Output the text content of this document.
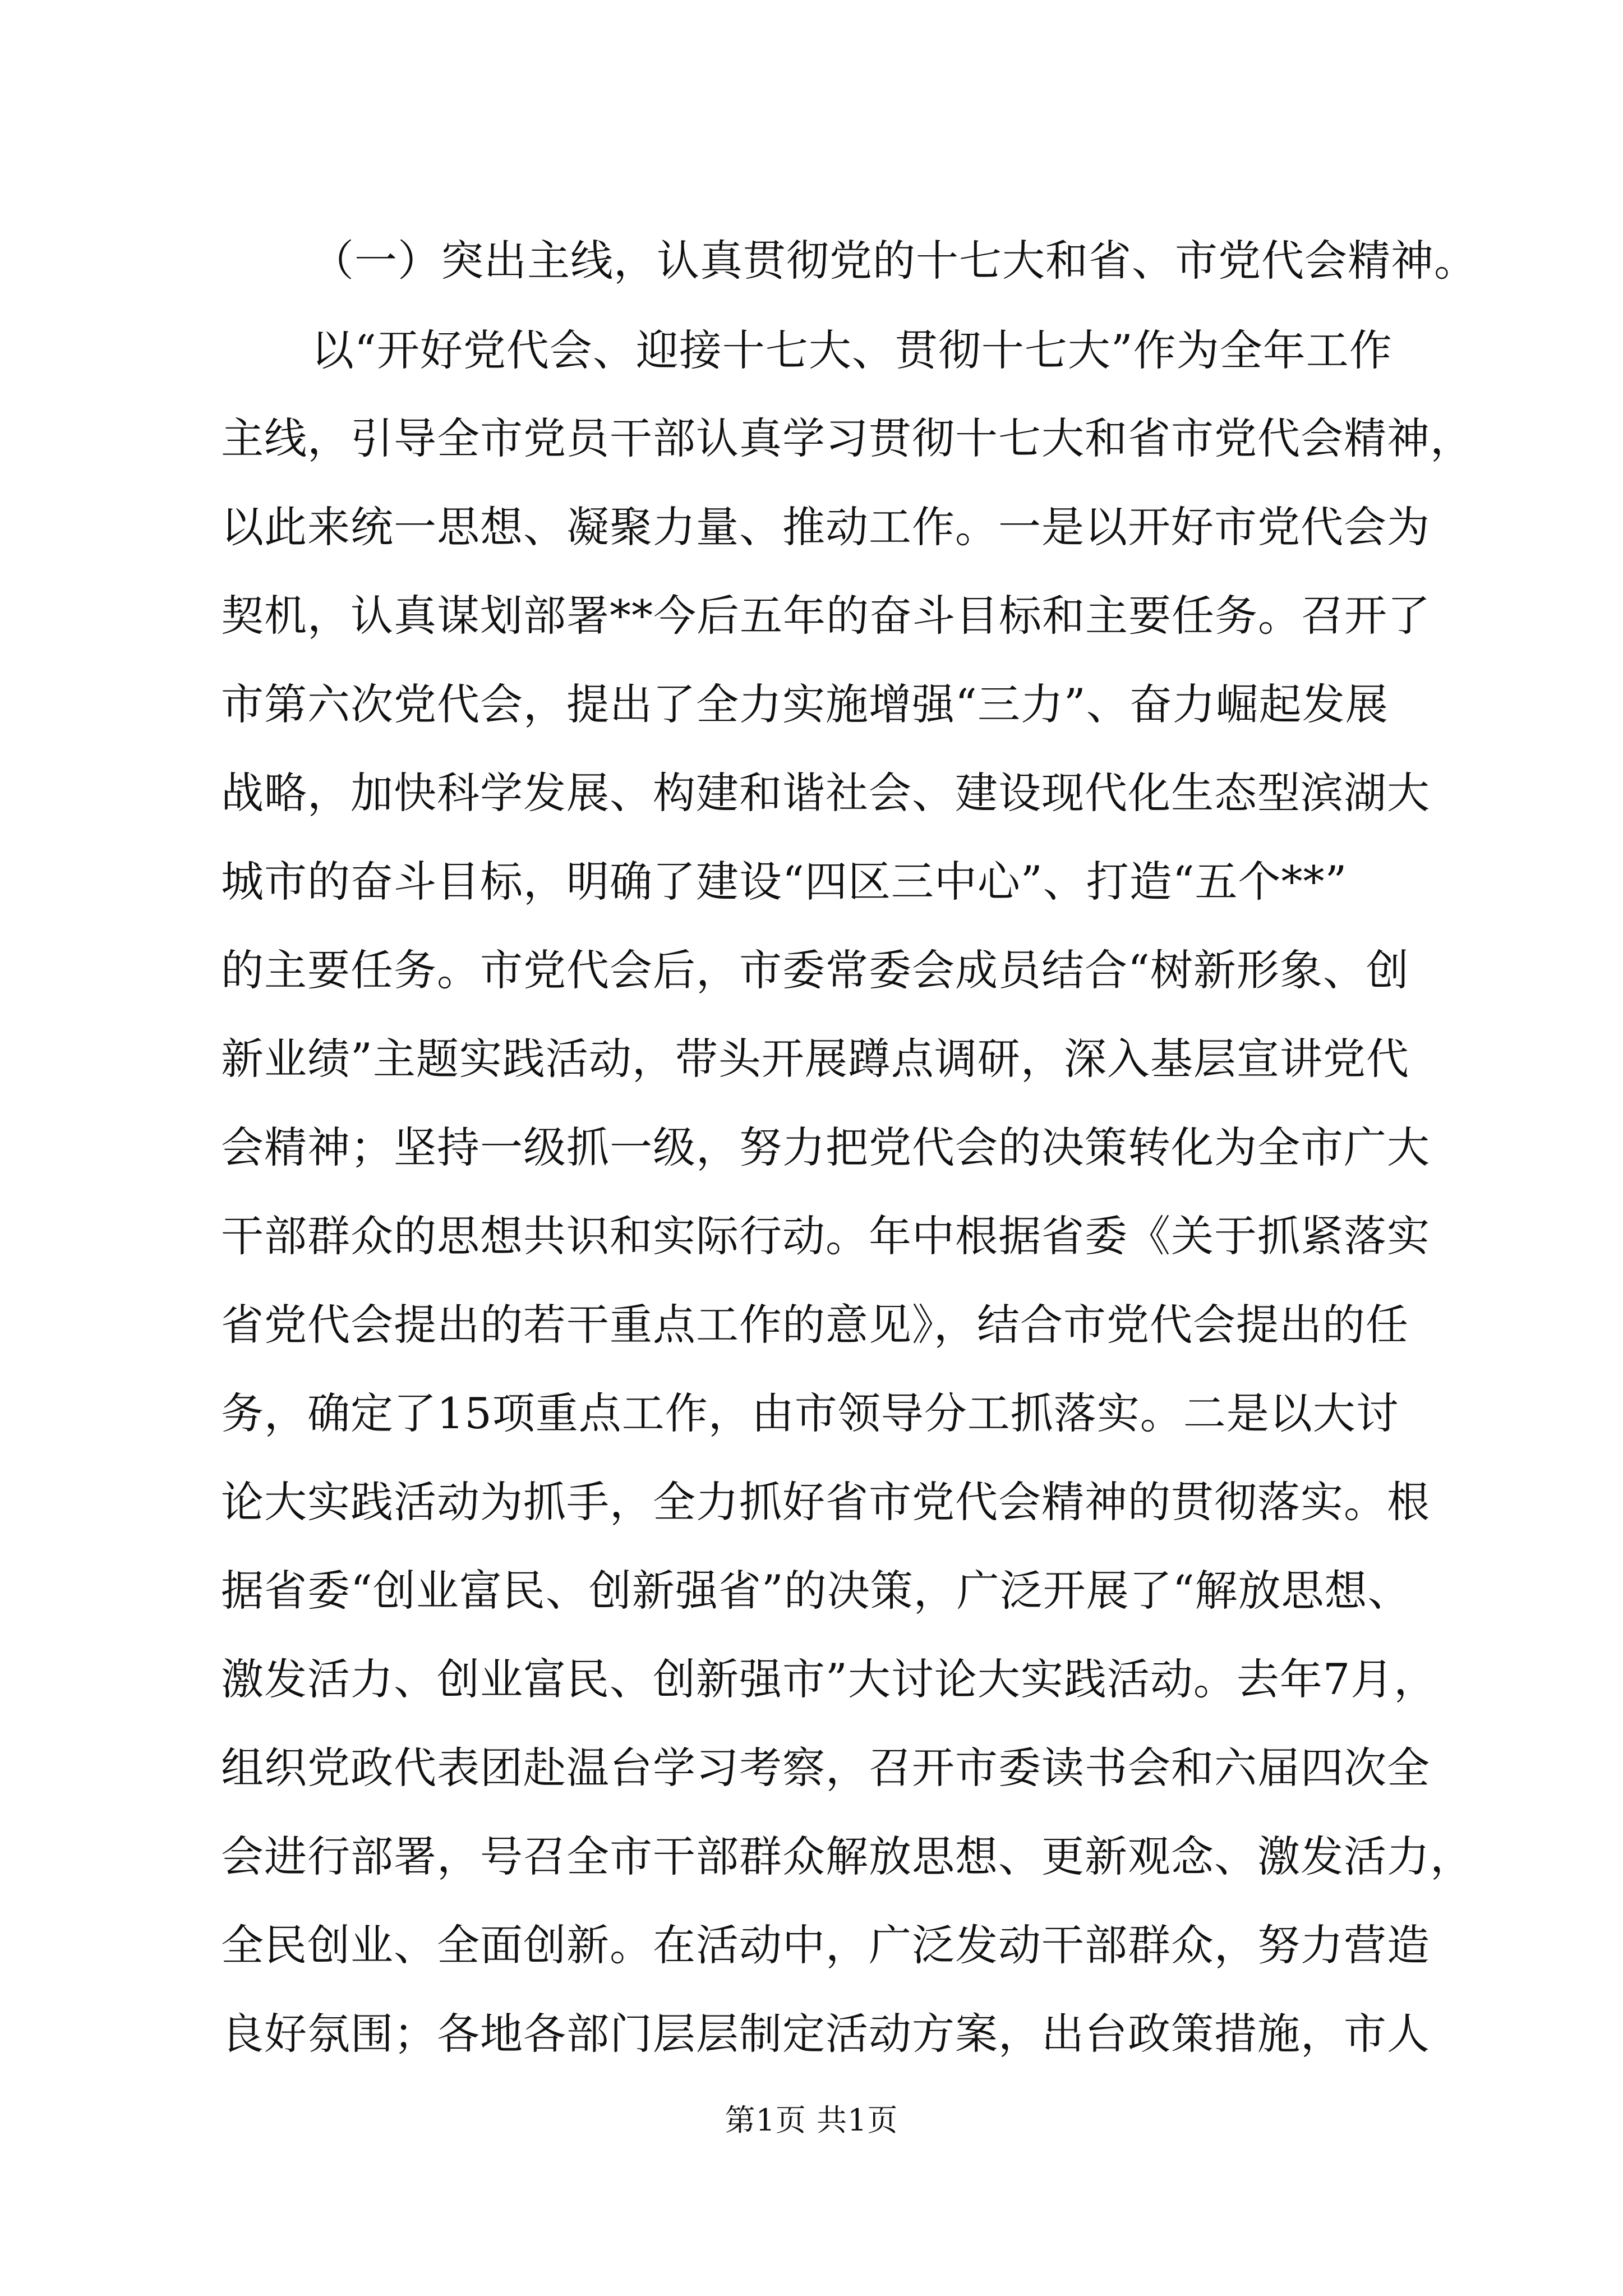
（一）突出主线，认真贯彻党的十七大和省、市党代会精神。
以“开好党代会、迎接十七大、贯彻十七大”作为全年工作
主线，引导全市党员干部认真学习贯彻十七大和省市党代会精神，
以此来统一思想、凝聚力量、推动工作。一是以开好市党代会为
契机，认真谋划部署**今后五年的奋斗目标和主要任务。召开了
市第六次党代会，提出了全力实施增强“三力”、奋力崛起发展
战略，加快科学发展、构建和谐社会、建设现代化生态型滨湖大
城市的奋斗目标，明确了建设“四区三中心”、打造“五个**”
的主要任务。市党代会后，市委常委会成员结合“树新形象、创
新业绩”主题实践活动，带头开展蹲点调研，深入基层宣讲党代
会精神；坚持一级抓一级，努力把党代会的决策转化为全市广大
干部群众的思想共识和实际行动。年中根据省委《关于抓紧落实
省党代会提出的若干重点工作的意见》，结合市党代会提出的任
务，确定了15项重点工作，由市领导分工抓落实。二是以大讨
论大实践活动为抓手，全力抓好省市党代会精神的贯彻落实。根
据省委“创业富民、创新强省”的决策，广泛开展了“解放思想、
激发活力、创业富民、创新强市”大讨论大实践活动。去年7月，
组织党政代表团赴温台学习考察，召开市委读书会和六届四次全
会进行部署，号召全市干部群众解放思想、更新观念、激发活力，
全民创业、全面创新。在活动中，广泛发动干部群众，努力营造
良好氛围；各地各部门层层制定活动方案，出台政策措施，市人
第1页 共1页
